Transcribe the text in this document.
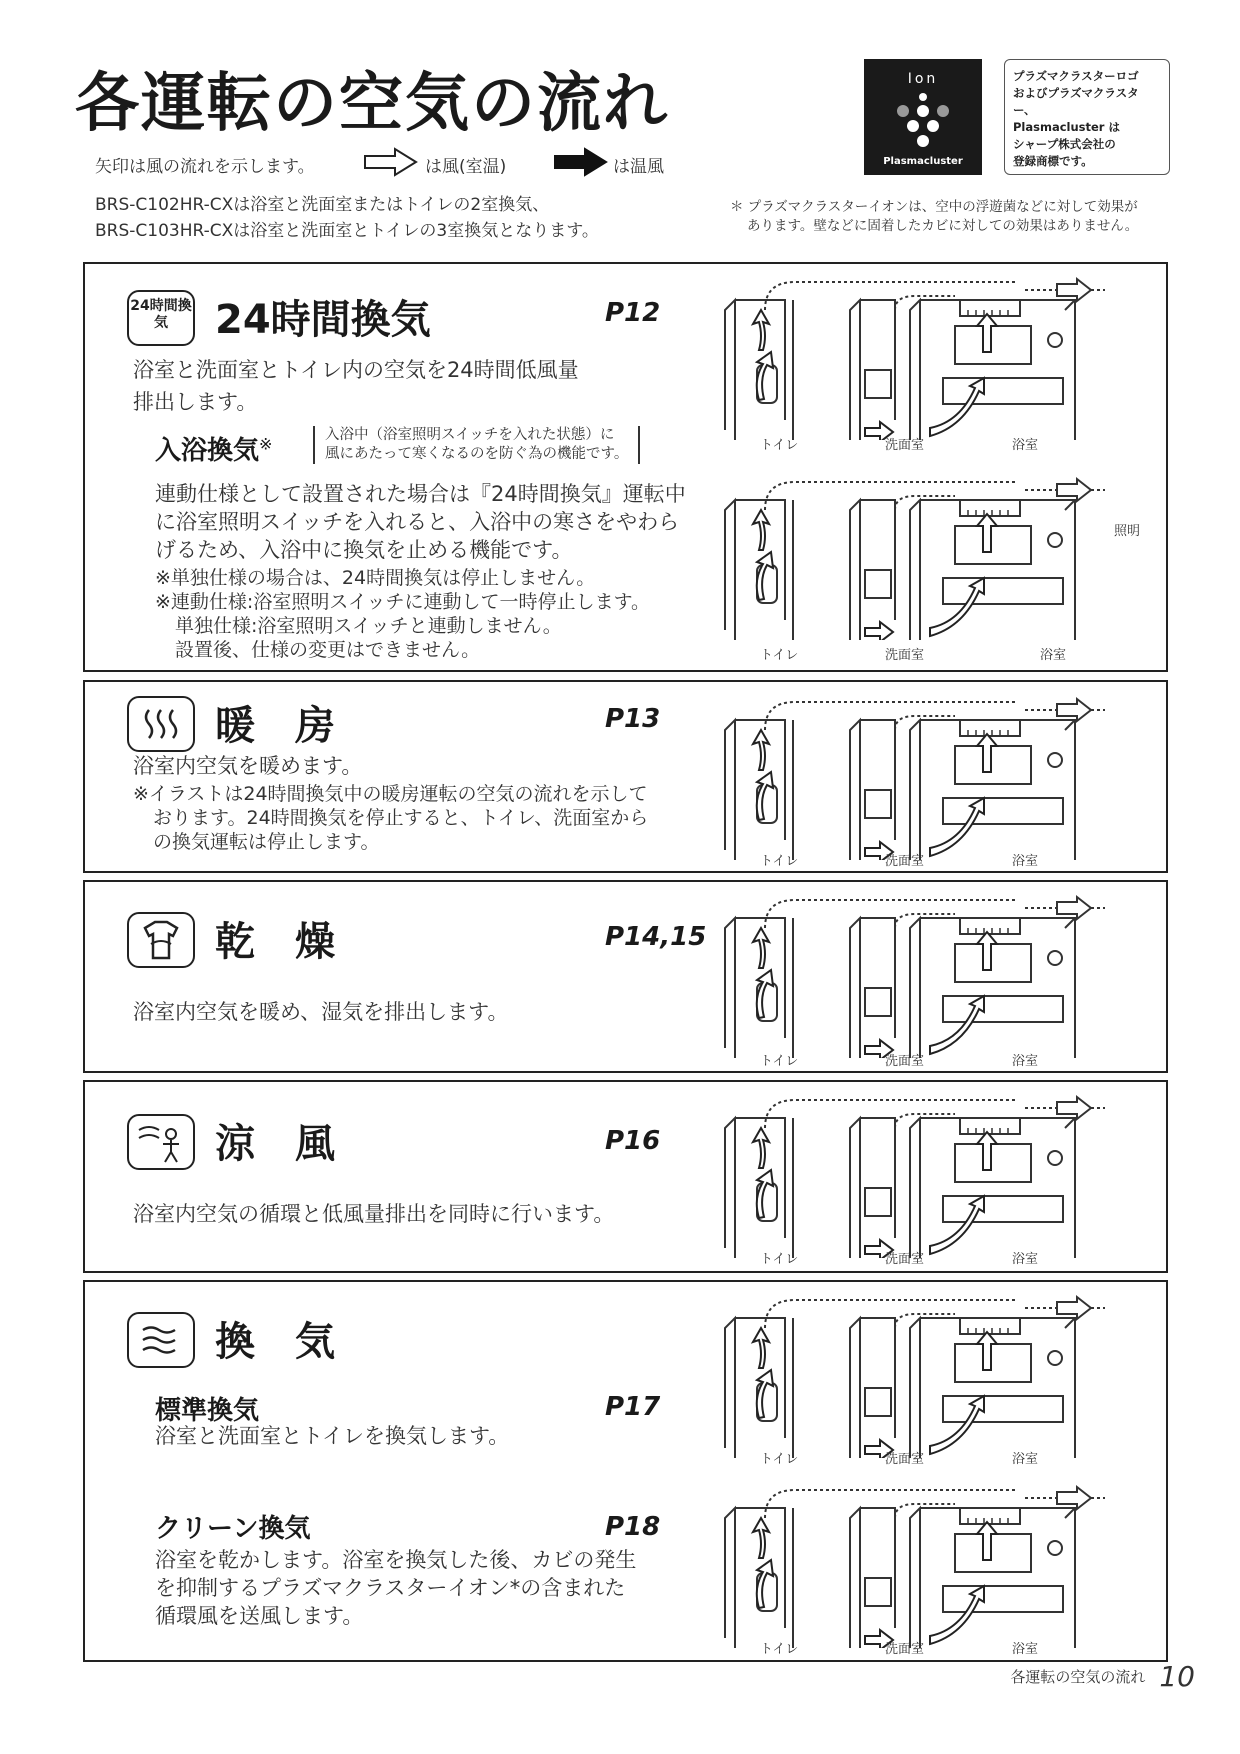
各運転の空気の流れ
矢印は風の流れを示します。	は風(室温)	は温風
BRS-C102HR-CXは浴室と洗面室またはトイレの2室換気、
BRS-C103HR-CXは浴室と洗面室とトイレの3室換気となります。
Ion
Plasmacluster
プラズマクラスターロゴ
およびプラズマクラスター、
Plasmacluster は
シャープ株式会社の
登録商標です。
＊ プラズマクラスターイオンは、空中の浮遊菌などに対して効果が
あります。壁などに固着したカビに対しての効果はありません。
24時間換気	24時間換気	P12
浴室と洗面室とトイレ内の空気を24時間低風量
排出します。
入浴換気※	入浴中（浴室照明スイッチを入れた状態）に
風にあたって寒くなるのを防ぐ為の機能です。
連動仕様として設置された場合は『24時間換気』運転中
に浴室照明スイッチを入れると、入浴中の寒さをやわら
げるため、入浴中に換気を止める機能です。
※単独仕様の場合は、24時間換気は停止しません。
※連動仕様:浴室照明スイッチに連動して一時停止します。
単独仕様:浴室照明スイッチと連動しません。
設置後、仕様の変更はできません。
暖　房	P13
浴室内空気を暖めます。
※イラストは24時間換気中の暖房運転の空気の流れを示して
おります。24時間換気を停止すると、トイレ、洗面室から
の換気運転は停止します。
乾　燥	P14,15
浴室内空気を暖め、湿気を排出します。
涼　風	P16
浴室内空気の循環と低風量排出を同時に行います。
換　気
標準換気	P17
浴室と洗面室とトイレを換気します。
クリーン換気	P18
浴室を乾かします。浴室を換気した後、カビの発生
を抑制するプラズマクラスターイオン*の含まれた
循環風を送風します。
トイレ	洗面室	浴室
トイレ	洗面室	浴室
照明
トイレ	洗面室	浴室
トイレ	洗面室	浴室
トイレ	洗面室	浴室
トイレ	洗面室	浴室
トイレ	洗面室	浴室
各運転の空気の流れ 10
